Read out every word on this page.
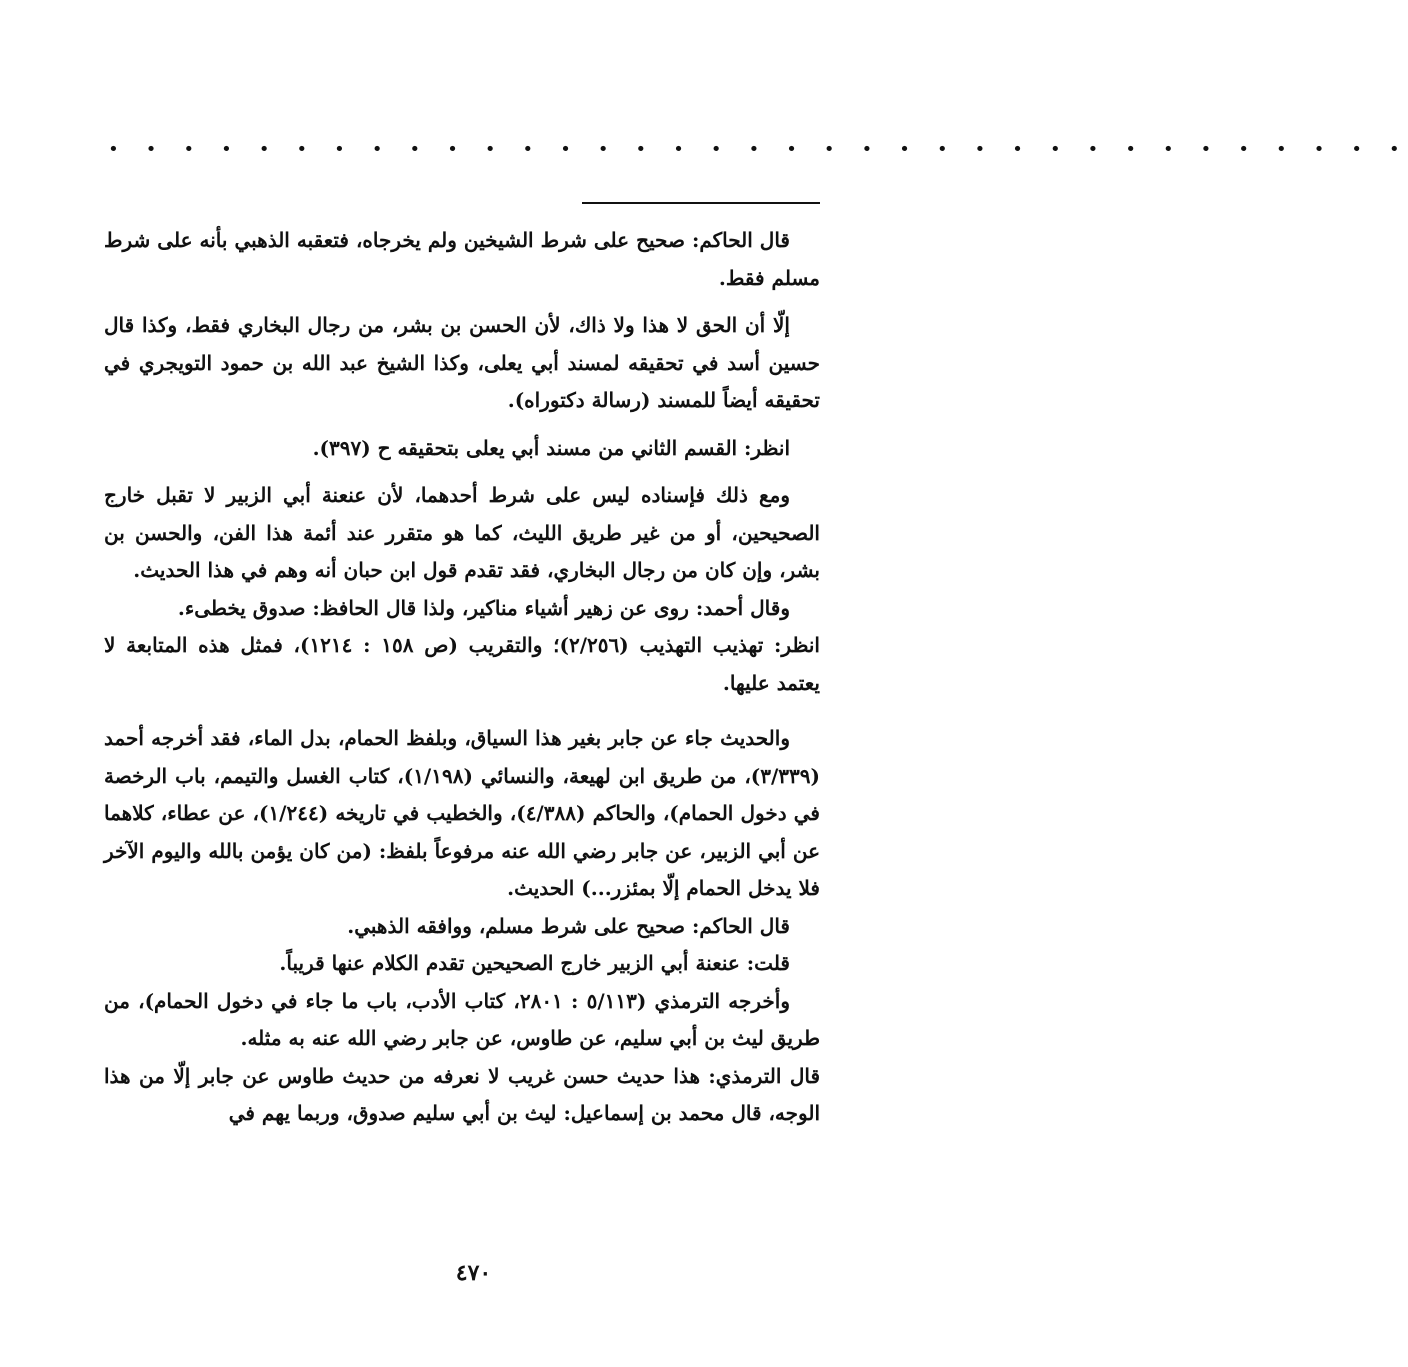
• • • • • • • • • • • • • • • • • • • • • • • • • • • • • • • • • • •

قال الحاكم: صحيح على شرط الشيخين ولم يخرجاه، فتعقبه الذهبي بأنه على شرط مسلم فقط.

إلّا أن الحق لا هذا ولا ذاك، لأن الحسن بن بشر، من رجال البخاري فقط، وكذا قال حسين أسد في تحقيقه لمسند أبي يعلى، وكذا الشيخ عبد الله بن حمود التويجري في تحقيقه أيضاً للمسند (رسالة دكتوراه).

انظر: القسم الثاني من مسند أبي يعلى بتحقيقه ح (٣٩٧).

ومع ذلك فإسناده ليس على شرط أحدهما، لأن عنعنة أبي الزبير لا تقبل خارج الصحيحين، أو من غير طريق الليث، كما هو متقرر عند أئمة هذا الفن، والحسن بن بشر، وإن كان من رجال البخاري، فقد تقدم قول ابن حبان أنه وهم في هذا الحديث.

وقال أحمد: روى عن زهير أشياء مناكير، ولذا قال الحافظ: صدوق يخطىء.

انظر: تهذيب التهذيب (٢/٢٥٦)؛ والتقريب (ص ١٥٨ : ١٢١٤)، فمثل هذه المتابعة لا يعتمد عليها.

والحديث جاء عن جابر بغير هذا السياق، وبلفظ الحمام، بدل الماء، فقد أخرجه أحمد (٣/٣٣٩)، من طريق ابن لهيعة، والنسائي (١/١٩٨)، كتاب الغسل والتيمم، باب الرخصة في دخول الحمام)، والحاكم (٤/٣٨٨)، والخطيب في تاريخه (١/٢٤٤)، عن عطاء، كلاهما عن أبي الزبير، عن جابر رضي الله عنه مرفوعاً بلفظ: (من كان يؤمن بالله واليوم الآخر فلا يدخل الحمام إلّا بمئزر...) الحديث.

قال الحاكم: صحيح على شرط مسلم، ووافقه الذهبي.

قلت: عنعنة أبي الزبير خارج الصحيحين تقدم الكلام عنها قريباً.

وأخرجه الترمذي (٥/١١٣ : ٢٨٠١، كتاب الأدب، باب ما جاء في دخول الحمام)، من طريق ليث بن أبي سليم، عن طاوس، عن جابر رضي الله عنه به مثله.

قال الترمذي: هذا حديث حسن غريب لا نعرفه من حديث طاوس عن جابر إلّا من هذا الوجه، قال محمد بن إسماعيل: ليث بن أبي سليم صدوق، وربما يهم في

٤٧٠
